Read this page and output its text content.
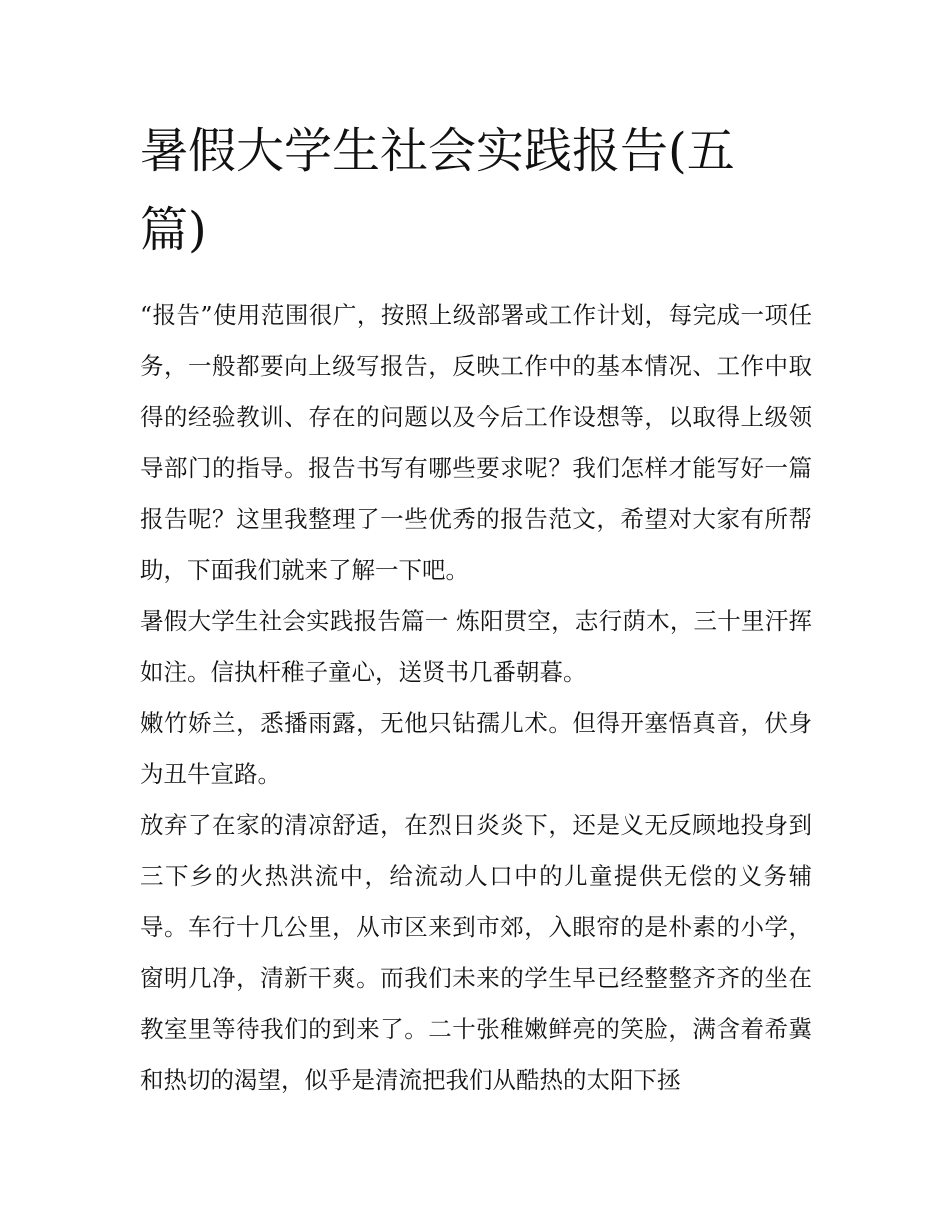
暑假大学生社会实践报告(五篇)

“报告”使用范围很广，按照上级部署或工作计划，每完成一项任务，一般都要向上级写报告，反映工作中的基本情况、工作中取得的经验教训、存在的问题以及今后工作设想等，以取得上级领导部门的指导。报告书写有哪些要求呢？我们怎样才能写好一篇报告呢？这里我整理了一些优秀的报告范文，希望对大家有所帮助，下面我们就来了解一下吧。

暑假大学生社会实践报告篇一 炼阳贯空，志行荫木，三十里汗挥如注。信执杆稚子童心，送贤书几番朝暮。

嫩竹娇兰，悉播雨露，无他只钻孺儿术。但得开塞悟真音，伏身为丑牛宣路。

放弃了在家的清凉舒适，在烈日炎炎下，还是义无反顾地投身到三下乡的火热洪流中，给流动人口中的儿童提供无偿的义务辅导。车行十几公里，从市区来到市郊，入眼帘的是朴素的小学，窗明几净，清新干爽。而我们未来的学生早已经整整齐齐的坐在教室里等待我们的到来了。二十张稚嫩鲜亮的笑脸，满含着希冀和热切的渴望，似乎是清流把我们从酷热的太阳下拯
